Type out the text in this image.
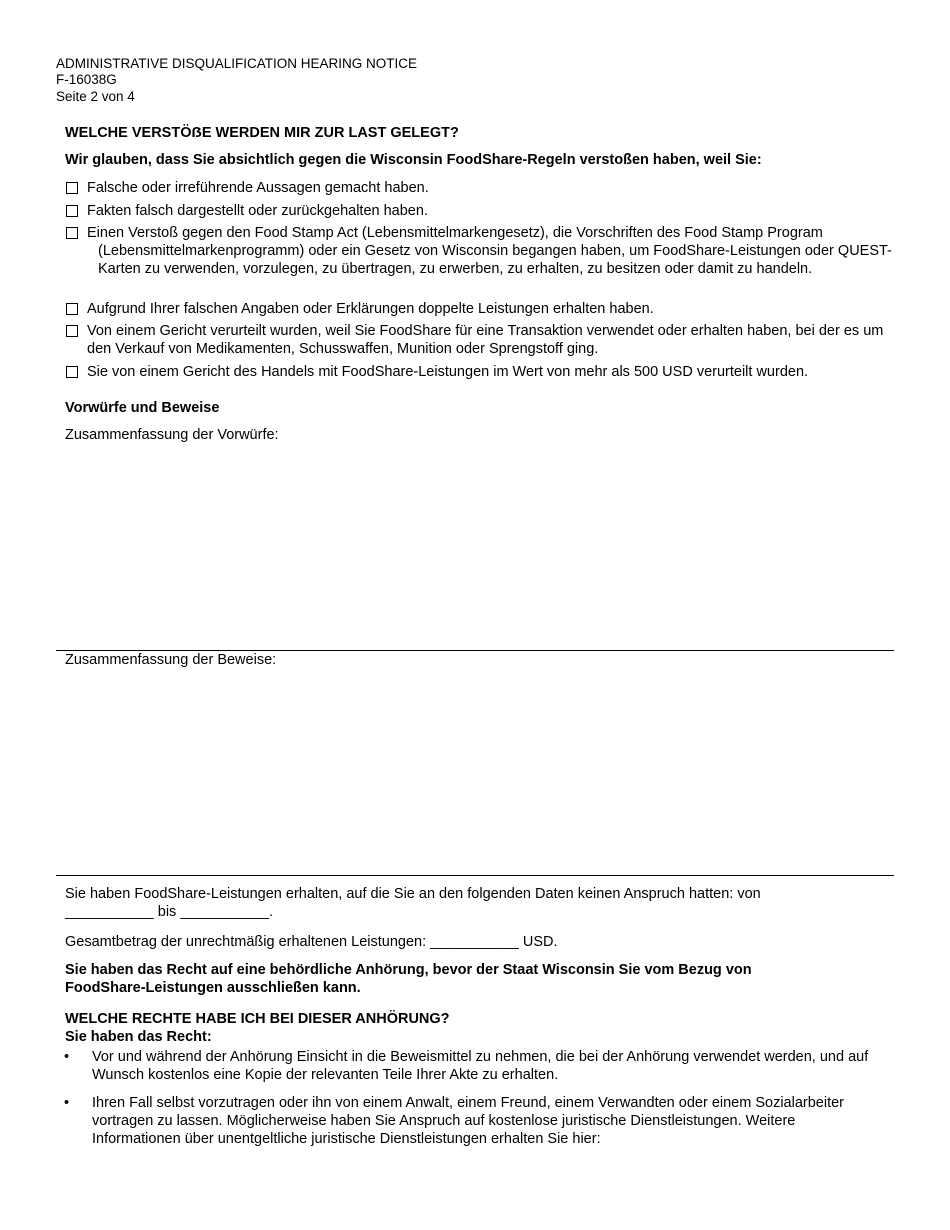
ADMINISTRATIVE DISQUALIFICATION HEARING NOTICE
F-16038G
Seite 2 von 4
WELCHE VERSTÖẞE WERDEN MIR ZUR LAST GELEGT?
Wir glauben, dass Sie absichtlich gegen die Wisconsin FoodShare-Regeln verstoßen haben, weil Sie:
Falsche oder irreführende Aussagen gemacht haben.
Fakten falsch dargestellt oder zurückgehalten haben.
Einen Verstoß gegen den Food Stamp Act (Lebensmittelmarkengesetz), die Vorschriften des Food Stamp Program (Lebensmittelmarkenprogramm) oder ein Gesetz von Wisconsin begangen haben, um FoodShare-Leistungen oder QUEST-Karten zu verwenden, vorzulegen, zu übertragen, zu erwerben, zu erhalten, zu besitzen oder damit zu handeln.
Aufgrund Ihrer falschen Angaben oder Erklärungen doppelte Leistungen erhalten haben.
Von einem Gericht verurteilt wurden, weil Sie FoodShare für eine Transaktion verwendet oder erhalten haben, bei der es um den Verkauf von Medikamenten, Schusswaffen, Munition oder Sprengstoff ging.
Sie von einem Gericht des Handels mit FoodShare-Leistungen im Wert von mehr als 500 USD verurteilt wurden.
Vorwürfe und Beweise
Zusammenfassung der Vorwürfe:
Zusammenfassung der Beweise:
Sie haben FoodShare-Leistungen erhalten, auf die Sie an den folgenden Daten keinen Anspruch hatten: von
___________ bis ___________.
Gesamtbetrag der unrechtmäßig erhaltenen Leistungen: ___________ USD.
Sie haben das Recht auf eine behördliche Anhörung, bevor der Staat Wisconsin Sie vom Bezug von FoodShare-Leistungen ausschließen kann.
WELCHE RECHTE HABE ICH BEI DIESER ANHÖRUNG?
Sie haben das Recht:
•	Vor und während der Anhörung Einsicht in die Beweismittel zu nehmen, die bei der Anhörung verwendet werden, und auf Wunsch kostenlos eine Kopie der relevanten Teile Ihrer Akte zu erhalten.
•	Ihren Fall selbst vorzutragen oder ihn von einem Anwalt, einem Freund, einem Verwandten oder einem Sozialarbeiter vortragen zu lassen. Möglicherweise haben Sie Anspruch auf kostenlose juristische Dienstleistungen. Weitere Informationen über unentgeltliche juristische Dienstleistungen erhalten Sie hier:
